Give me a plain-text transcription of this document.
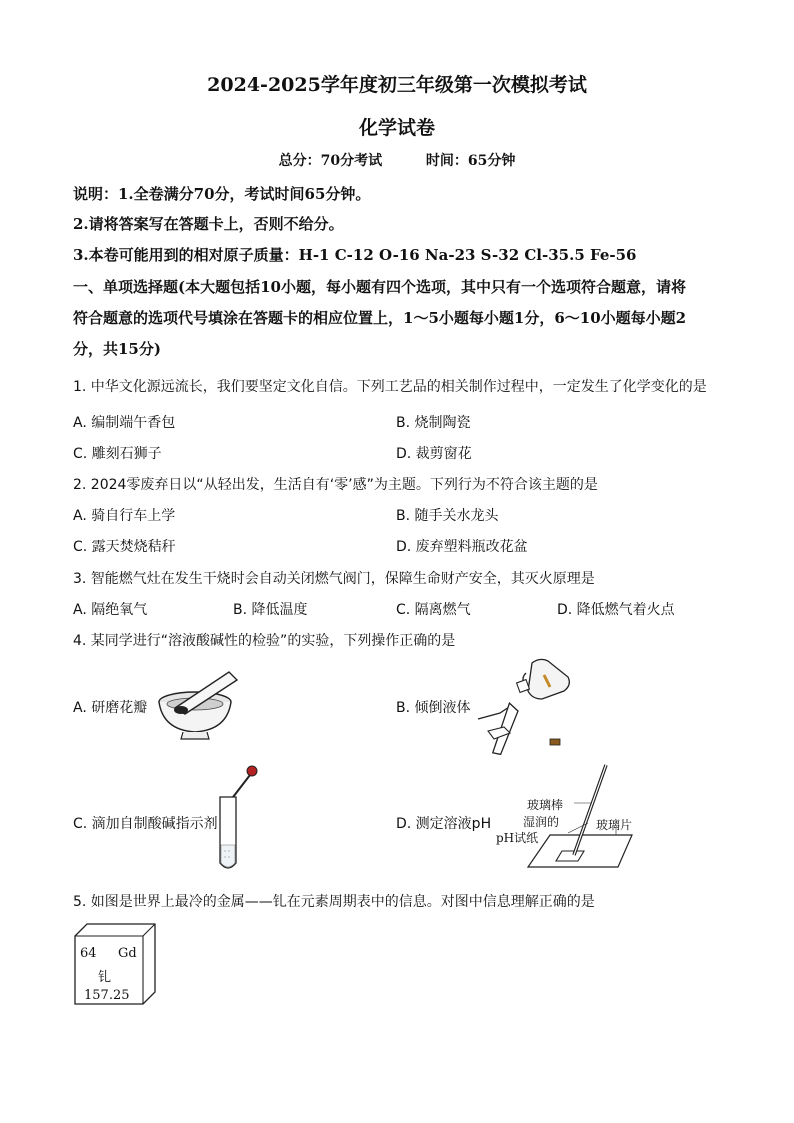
2024-2025学年度初三年级第一次模拟考试
化学试卷
总分：70分考试	时间：65分钟
说明：1.全卷满分70分，考试时间65分钟。
2.请将答案写在答题卡上，否则不给分。
3.本卷可能用到的相对原子质量：H-1 C-12 O-16 Na-23 S-32 Cl-35.5 Fe-56
一、单项选择题(本大题包括10小题，每小题有四个选项，其中只有一个选项符合题意，请将
符合题意的选项代号填涂在答题卡的相应位置上，1～5小题每小题1分，6～10小题每小题2
分，共15分)
1. 中华文化源远流长，我们要坚定文化自信。下列工艺品的相关制作过程中，一定发生了化学变化的是
A. 编制端午香包	B. 烧制陶瓷
C. 雕刻石狮子	D. 裁剪窗花
2. 2024零废弃日以“从轻出发，生活自有‘零’感”为主题。下列行为不符合该主题的是
A. 骑自行车上学	B. 随手关水龙头
C. 露天焚烧秸秆	D. 废弃塑料瓶改花盆
3. 智能燃气灶在发生干烧时会自动关闭燃气阀门，保障生命财产安全，其灭火原理是
A. 隔绝氧气	B. 降低温度	C. 隔离燃气	D. 降低燃气着火点
4. 某同学进行“溶液酸碱性的检验”的实验，下列操作正确的是
A. 研磨花瓣	B. 倾倒液体
C. 滴加自制酸碱指示剂	D. 测定溶液pH
玻璃棒
玻璃片
湿润的
pH试纸
5. 如图是世界上最冷的金属——钆在元素周期表中的信息。对图中信息理解正确的是
64 Gd
钆
157.25
